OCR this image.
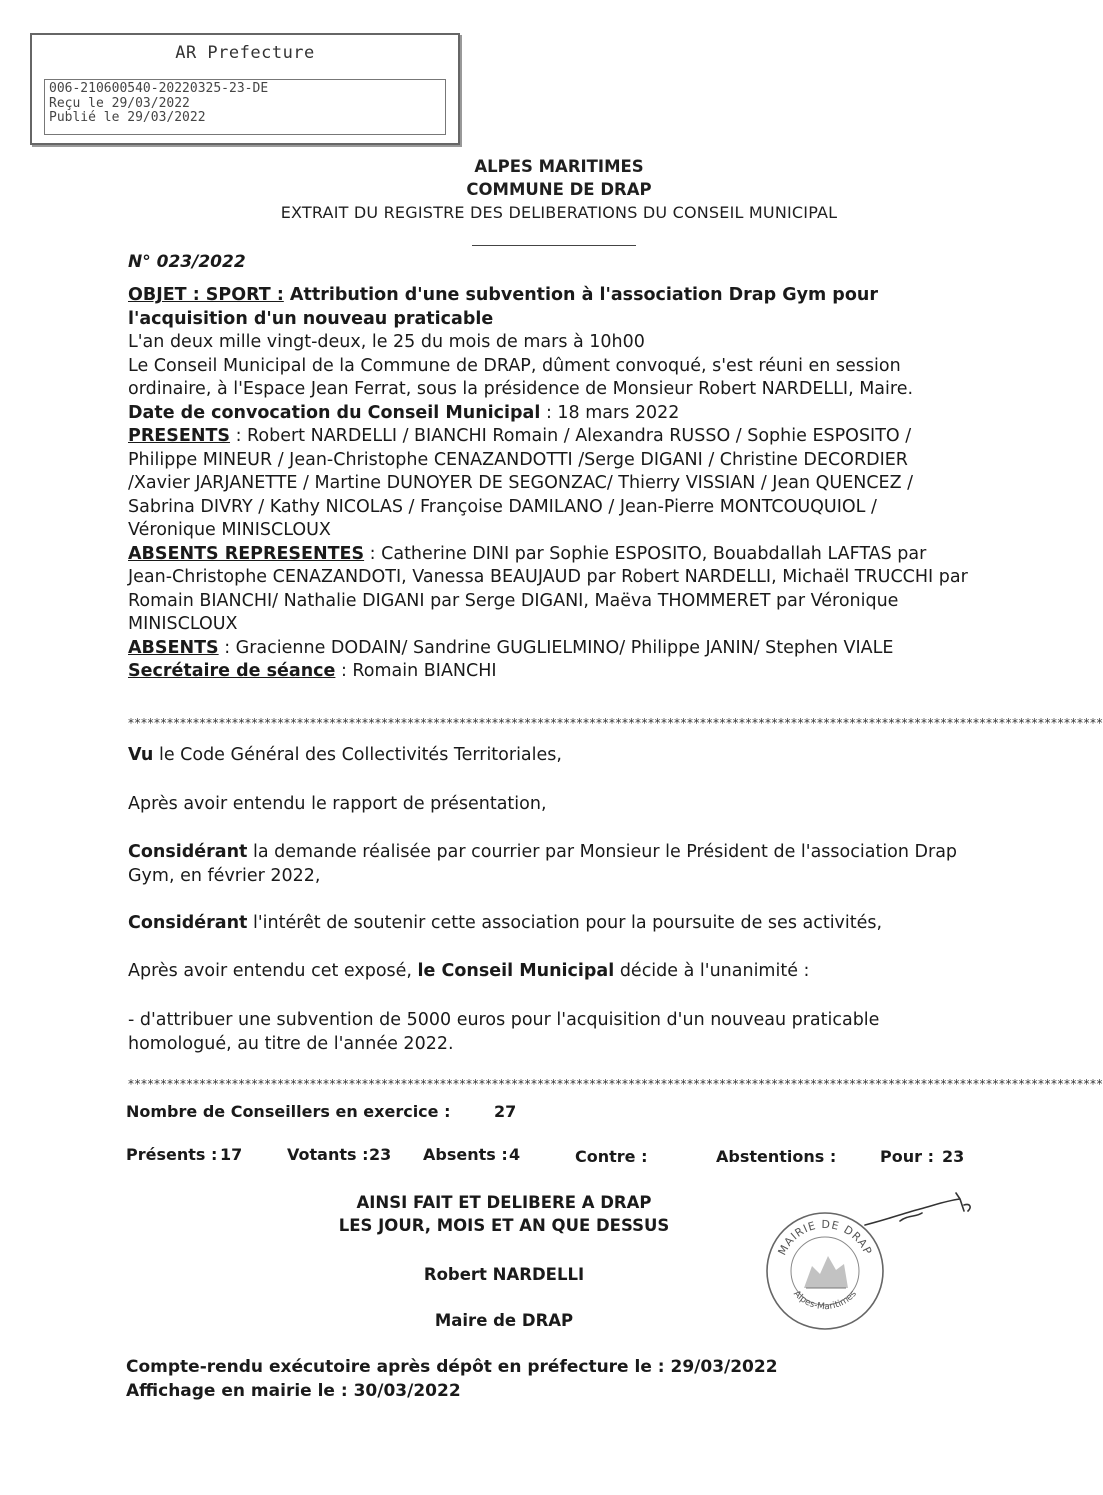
AR Prefecture
006-210600540-20220325-23-DE
Reçu le 29/03/2022
Publié le 29/03/2022
ALPES MARITIMES
COMMUNE DE DRAP
EXTRAIT DU REGISTRE DES DELIBERATIONS DU CONSEIL MUNICIPAL
N° 023/2022
OBJET : SPORT : Attribution d'une subvention à l'association Drap Gym pour l'acquisition d'un nouveau praticable
L'an deux mille vingt-deux, le 25 du mois de mars à 10h00
Le Conseil Municipal de la Commune de DRAP, dûment convoqué, s'est réuni en session ordinaire, à l'Espace Jean Ferrat, sous la présidence de Monsieur Robert NARDELLI, Maire.
Date de convocation du Conseil Municipal : 18 mars 2022
PRESENTS : Robert NARDELLI / BIANCHI Romain / Alexandra RUSSO / Sophie ESPOSITO / Philippe MINEUR / Jean-Christophe CENAZANDOTTI /Serge DIGANI / Christine DECORDIER /Xavier JARJANETTE / Martine DUNOYER DE SEGONZAC/ Thierry VISSIAN / Jean QUENCEZ / Sabrina DIVRY / Kathy NICOLAS / Françoise DAMILANO / Jean-Pierre MONTCOUQUIOL / Véronique MINISCLOUX
ABSENTS REPRESENTES : Catherine DINI par Sophie ESPOSITO, Bouabdallah LAFTAS par Jean-Christophe CENAZANDOTI, Vanessa BEAUJAUD par Robert NARDELLI, Michaël TRUCCHI par Romain BIANCHI/ Nathalie DIGANI par Serge DIGANI, Maëva THOMMERET par Véronique MINISCLOUX
ABSENTS : Gracienne DODAIN/ Sandrine GUGLIELMINO/ Philippe JANIN/ Stephen VIALE
Secrétaire de séance : Romain BIANCHI
******************************************************************************************************************************************************
Vu le Code Général des Collectivités Territoriales,
Après avoir entendu le rapport de présentation,
Considérant la demande réalisée par courrier par Monsieur le Président de l'association Drap Gym, en février 2022,
Considérant l'intérêt de soutenir cette association pour la poursuite de ses activités,
Après avoir entendu cet exposé, le Conseil Municipal décide à l'unanimité :
- d'attribuer une subvention de 5000 euros pour l'acquisition d'un nouveau praticable homologué, au titre de l'année 2022.
******************************************************************************************************************************************************
Nombre de Conseillers en exercice :	27
Présents : 17	Votants : 23 Absents : 4	Contre :	Abstentions :	Pour : 23
AINSI FAIT ET DELIBERE A DRAP
LES JOUR, MOIS ET AN QUE DESSUS
Robert NARDELLI
Maire de DRAP
MAIRIE DE DRAP
Alpes-Maritimes
Compte-rendu exécutoire après dépôt en préfecture le : 29/03/2022
Affichage en mairie le : 30/03/2022
